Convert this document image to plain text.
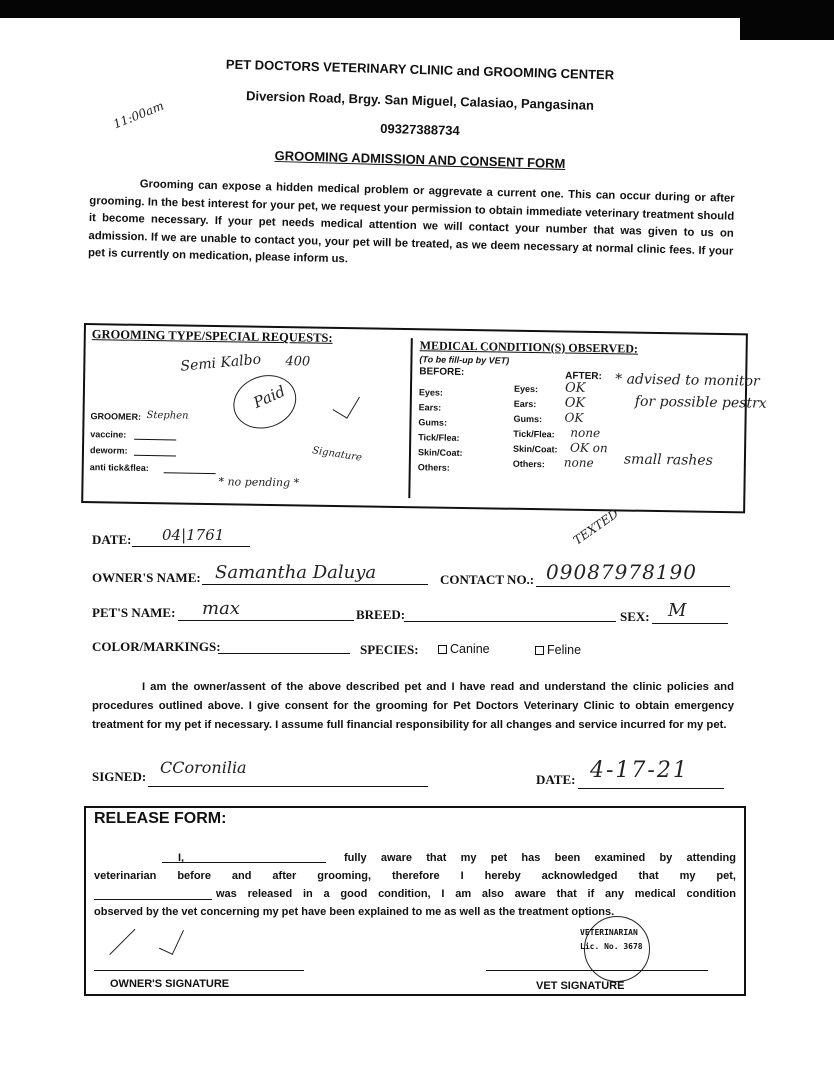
PET DOCTORS VETERINARY CLINIC and GROOMING CENTER
Diversion Road, Brgy. San Miguel, Calasiao, Pangasinan
09327388734
GROOMING ADMISSION AND CONSENT FORM
11:00am
Grooming can expose a hidden medical problem or aggrevate a current one. This can occur during or after grooming. In the best interest for your pet, we request your permission to obtain immediate veterinary treatment should it become necessary. If your pet needs medical attention we will contact your number that was given to us on admission. If we are unable to contact you, your pet will be treated, as we deem necessary at normal clinic fees. If your pet is currently on medication, please inform us.
GROOMING TYPE/SPECIAL REQUESTS:
Semi Kalbo 400
Paid
GROOMER: Stephen
vaccine:
deworm:
anti tick&flea:
Signature
* no pending *
MEDICAL CONDITION(S) OBSERVED:
(To be fill-up by VET)
BEFORE:	AFTER:
Eyes:	Eyes: OK
Ears:	Ears: OK
Gums:	Gums: OK
Tick/Flea:	Tick/Flea: none
Skin/Coat:	Skin/Coat: OK on
Others:	Others: none
* advised to monitor
for possible pestrx
small rashes
DATE: 04|1761	TEXTED
OWNER'S NAME: Samantha Daluya	CONTACT NO.: 09087978190
PET'S NAME: max	BREED:	SEX: M
COLOR/MARKINGS:	SPECIES:	Canine	Feline
I am the owner/assent of the above described pet and I have read and understand the clinic policies and procedures outlined above. I give consent for the grooming for Pet Doctors Veterinary Clinic to obtain emergency treatment for my pet if necessary. I assume full financial responsibility for all changes and service incurred for my pet.
SIGNED: CCoronilia
DATE: 4-17-21
RELEASE FORM:
I,	fully aware that my pet has been examined by attending
veterinarian before and after grooming, therefore I hereby acknowledged that my pet,
was released in a good condition, I am also aware that if any medical condition
observed by the vet concerning my pet have been explained to me as well as the treatment options.
OWNER'S SIGNATURE
VETERINARIAN
Lic. No. 3678
VET SIGNATURE
